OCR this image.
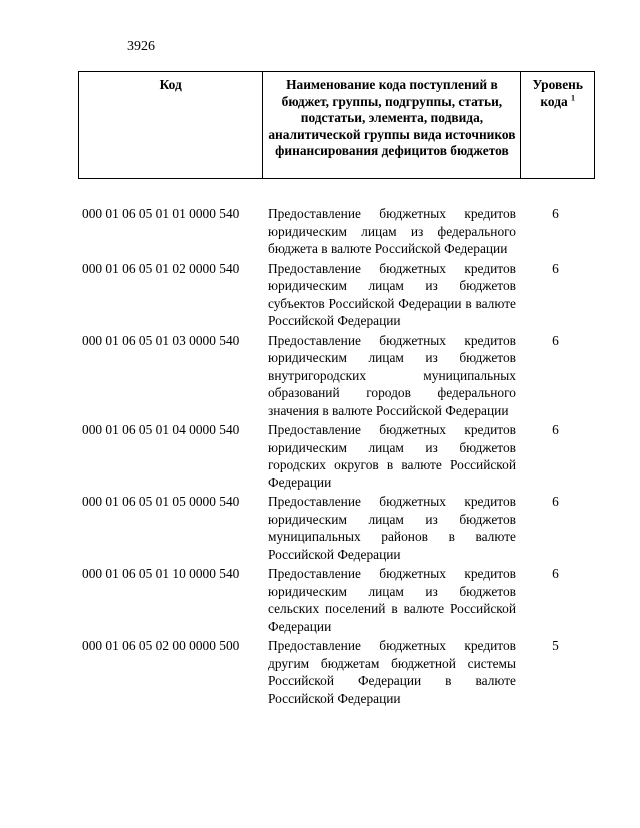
3926
Код	Наименование кода поступлений в бюджет, группы, подгруппы, статьи, подстатьи, элемента, подвида, аналитической группы вида источников финансирования дефицитов бюджетов	Уровень кода $^1$
000 01 06 05 01 01 0000 540	Предоставление бюджетных кредитов юридическим лицам из федерального бюджета в валюте Российской Федерации	6
000 01 06 05 01 02 0000 540	Предоставление бюджетных кредитов юридическим лицам из бюджетов субъектов Российской Федерации в валюте Российской Федерации	6
000 01 06 05 01 03 0000 540	Предоставление бюджетных кредитов юридическим лицам из бюджетов внутригородских муниципальных образований городов федерального значения в валюте Российской Федерации	6
000 01 06 05 01 04 0000 540	Предоставление бюджетных кредитов юридическим лицам из бюджетов городских округов в валюте Российской Федерации	6
000 01 06 05 01 05 0000 540	Предоставление бюджетных кредитов юридическим лицам из бюджетов муниципальных районов в валюте Российской Федерации	6
000 01 06 05 01 10 0000 540	Предоставление бюджетных кредитов юридическим лицам из бюджетов сельских поселений в валюте Российской Федерации	6
000 01 06 05 02 00 0000 500	Предоставление бюджетных кредитов другим бюджетам бюджетной системы Российской Федерации в валюте Российской Федерации	5
